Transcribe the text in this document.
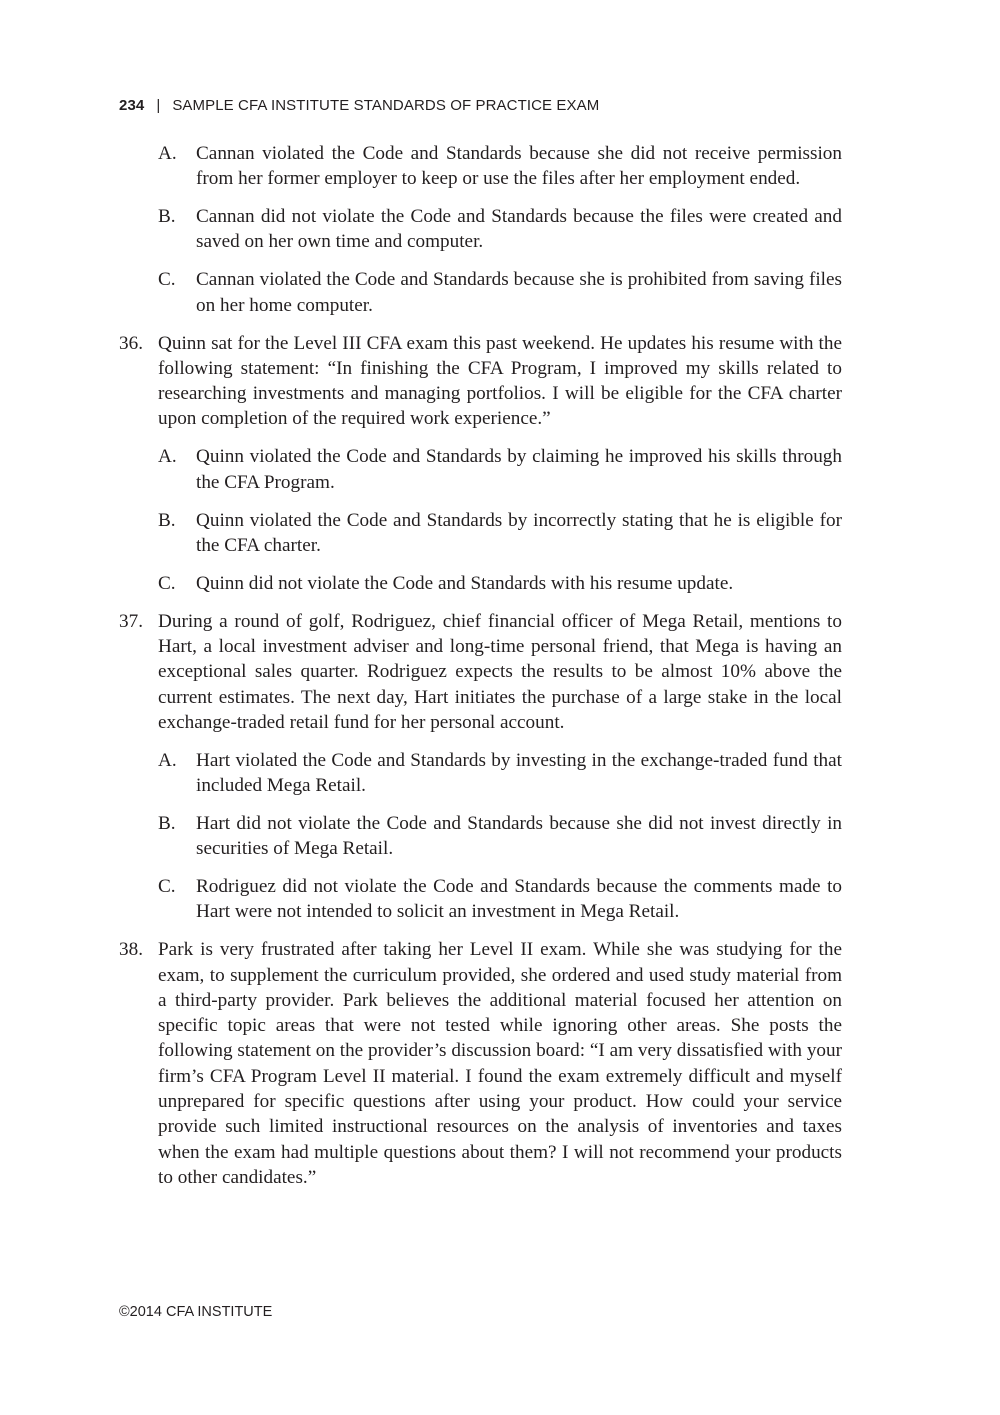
234 | SAMPLE CFA INSTITUTE STANDARDS OF PRACTICE EXAM
A.	Cannan violated the Code and Standards because she did not receive permission from her former employer to keep or use the files after her employment ended.
B.	Cannan did not violate the Code and Standards because the files were created and saved on her own time and computer.
C.	Cannan violated the Code and Standards because she is prohibited from saving files on her home computer.
36. Quinn sat for the Level III CFA exam this past weekend. He updates his resume with the following statement: “In finishing the CFA Program, I improved my skills related to researching investments and managing portfolios. I will be eligible for the CFA charter upon completion of the required work experience.”
A.	Quinn violated the Code and Standards by claiming he improved his skills through the CFA Program.
B.	Quinn violated the Code and Standards by incorrectly stating that he is eligible for the CFA charter.
C.	Quinn did not violate the Code and Standards with his resume update.
37. During a round of golf, Rodriguez, chief financial officer of Mega Retail, mentions to Hart, a local investment adviser and long-time personal friend, that Mega is having an exceptional sales quarter. Rodriguez expects the results to be almost 10% above the current estimates. The next day, Hart initiates the purchase of a large stake in the local exchange-traded retail fund for her personal account.
A.	Hart violated the Code and Standards by investing in the exchange-traded fund that included Mega Retail.
B.	Hart did not violate the Code and Standards because she did not invest directly in securities of Mega Retail.
C.	Rodriguez did not violate the Code and Standards because the comments made to Hart were not intended to solicit an investment in Mega Retail.
38. Park is very frustrated after taking her Level II exam. While she was studying for the exam, to supplement the curriculum provided, she ordered and used study material from a third-party provider. Park believes the additional material focused her attention on specific topic areas that were not tested while ignoring other areas. She posts the following statement on the provider’s discussion board: “I am very dissatisfied with your firm’s CFA Program Level II material. I found the exam extremely difficult and myself unprepared for specific questions after using your product. How could your service provide such limited instructional resources on the analysis of inventories and taxes when the exam had multiple questions about them? I will not recommend your products to other candidates.”
©2014 CFA INSTITUTE
